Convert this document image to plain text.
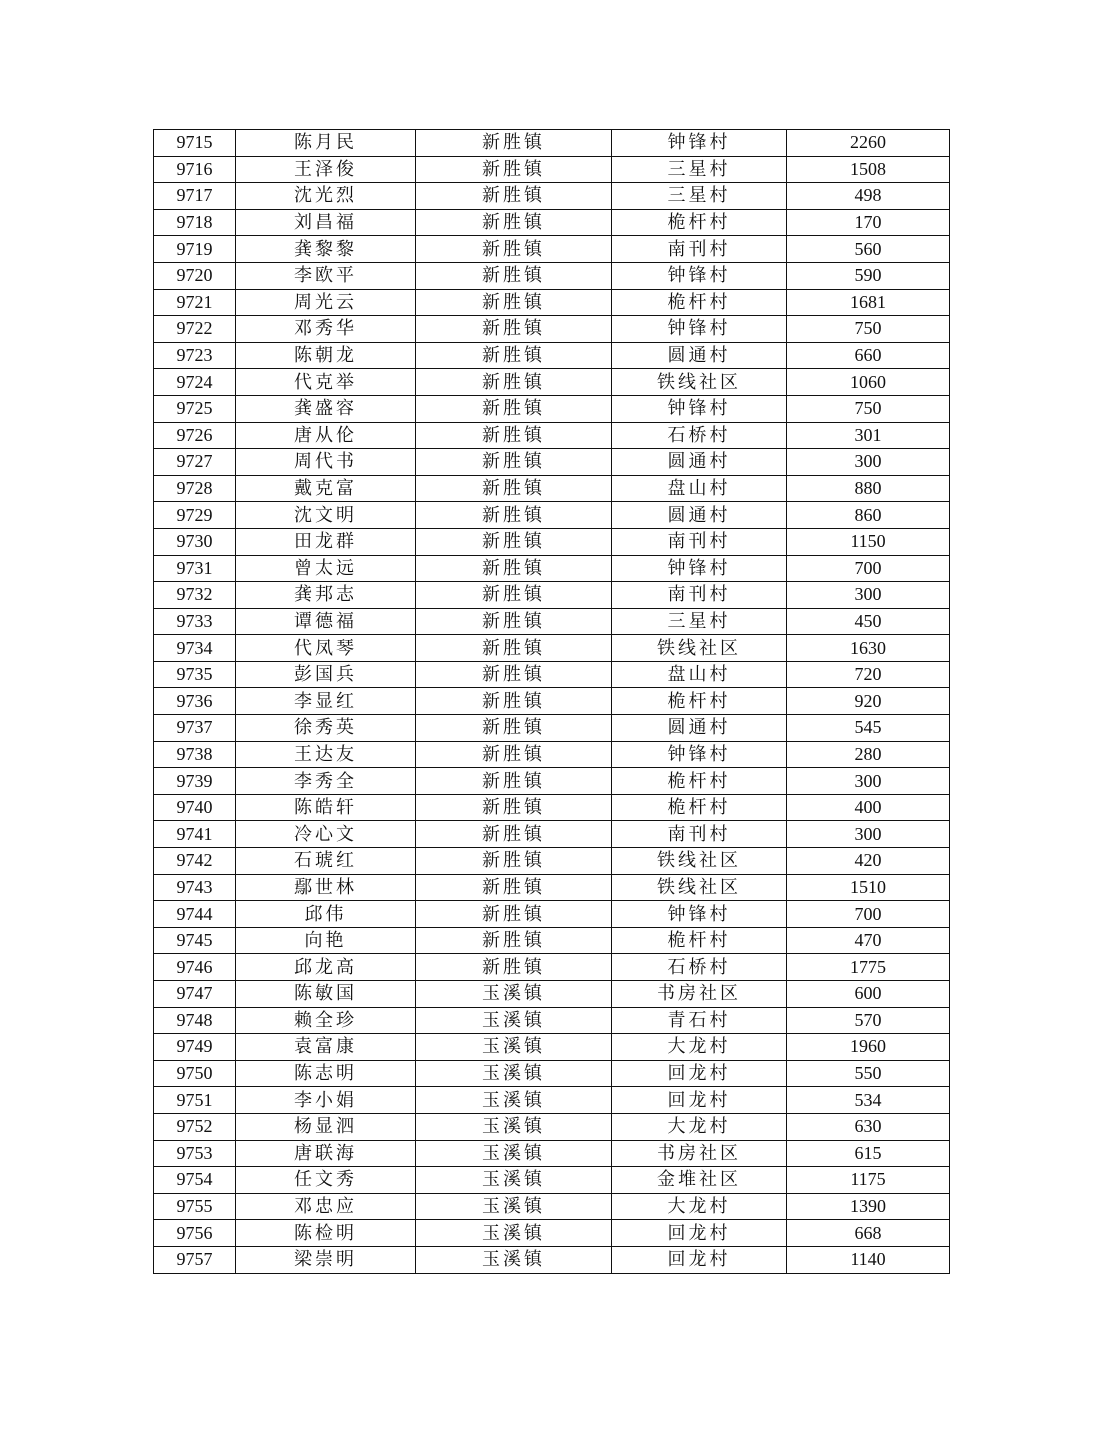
9715	陈月民	新胜镇	钟锋村	2260
9716	王泽俊	新胜镇	三星村	1508
9717	沈光烈	新胜镇	三星村	498
9718	刘昌福	新胜镇	桅杆村	170
9719	龚黎黎	新胜镇	南刊村	560
9720	李欧平	新胜镇	钟锋村	590
9721	周光云	新胜镇	桅杆村	1681
9722	邓秀华	新胜镇	钟锋村	750
9723	陈朝龙	新胜镇	圆通村	660
9724	代克举	新胜镇	铁线社区	1060
9725	龚盛容	新胜镇	钟锋村	750
9726	唐从伦	新胜镇	石桥村	301
9727	周代书	新胜镇	圆通村	300
9728	戴克富	新胜镇	盘山村	880
9729	沈文明	新胜镇	圆通村	860
9730	田龙群	新胜镇	南刊村	1150
9731	曾太远	新胜镇	钟锋村	700
9732	龚邦志	新胜镇	南刊村	300
9733	谭德福	新胜镇	三星村	450
9734	代凤琴	新胜镇	铁线社区	1630
9735	彭国兵	新胜镇	盘山村	720
9736	李显红	新胜镇	桅杆村	920
9737	徐秀英	新胜镇	圆通村	545
9738	王达友	新胜镇	钟锋村	280
9739	李秀全	新胜镇	桅杆村	300
9740	陈皓轩	新胜镇	桅杆村	400
9741	冷心文	新胜镇	南刊村	300
9742	石琥红	新胜镇	铁线社区	420
9743	鄢世林	新胜镇	铁线社区	1510
9744	邱伟	新胜镇	钟锋村	700
9745	向艳	新胜镇	桅杆村	470
9746	邱龙高	新胜镇	石桥村	1775
9747	陈敏国	玉溪镇	书房社区	600
9748	赖全珍	玉溪镇	青石村	570
9749	袁富康	玉溪镇	大龙村	1960
9750	陈志明	玉溪镇	回龙村	550
9751	李小娟	玉溪镇	回龙村	534
9752	杨显泗	玉溪镇	大龙村	630
9753	唐联海	玉溪镇	书房社区	615
9754	任文秀	玉溪镇	金堆社区	1175
9755	邓忠应	玉溪镇	大龙村	1390
9756	陈检明	玉溪镇	回龙村	668
9757	梁崇明	玉溪镇	回龙村	1140
